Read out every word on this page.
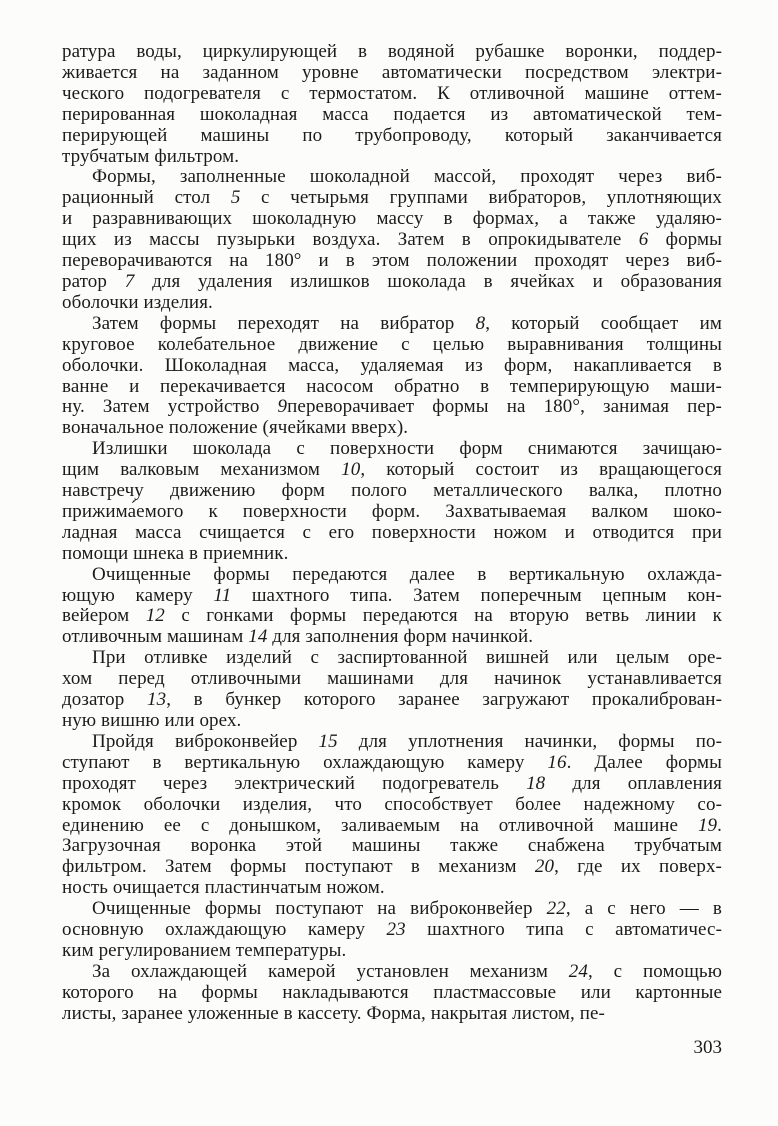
ратура воды, циркулирующей в водяной рубашке воронки, поддер-
живается на заданном уровне автоматически посредством электри-
ческого подогревателя с термостатом. К отливочной машине оттем-
перированная шоколадная масса подается из автоматической тем-
перирующей машины по трубопроводу, который заканчивается
трубчатым фильтром.
Формы, заполненные шоколадной массой, проходят через виб-
рационный стол 5 с четырьмя группами вибраторов, уплотняющих
и разравнивающих шоколадную массу в формах, а также удаляю-
щих из массы пузырьки воздуха. Затем в опрокидывателе 6 формы
переворачиваются на 180° и в этом положении проходят через виб-
ратор 7 для удаления излишков шоколада в ячейках и образования
оболочки изделия.
Затем формы переходят на вибратор 8, который сообщает им
круговое колебательное движение с целью выравнивания толщины
оболочки. Шоколадная масса, удаляемая из форм, накапливается в
ванне и перекачивается насосом обратно в темперирующую маши-
ну. Затем устройство 9переворачивает формы на 180°, занимая пер-
воначальное положение (ячейками вверх).
Излишки шоколада с поверхности форм снимаются зачищаю-
щим валковым механизмом 10, который состоит из вращающегося
навстречу движению форм полого металлического валка, плотно
прижима́емого к поверхности форм. Захватываемая валком шоко-
ладная масса счищается с его поверхности ножом и отводится при
помощи шнека в приемник.
Очищенные формы передаются далее в вертикальную охлажда-
ющую камеру 11 шахтного типа. Затем поперечным цепным кон-
вейером 12 с гонками формы передаются на вторую ветвь линии к
отливочным машинам 14 для заполнения форм начинкой.
При отливке изделий с заспиртованной вишней или целым оре-
хом перед отливочными машинами для начинок устанавливается
дозатор 13, в бункер которого заранее загружают прокалиброван-
ную вишню или орех.
Пройдя виброконвейер 15 для уплотнения начинки, формы по-
ступают в вертикальную охлаждающую камеру 16. Далее формы
проходят через электрический подогреватель 18 для оплавления
кромок оболочки изделия, что способствует более надежному со-
единению ее с донышком, заливаемым на отливочной машине 19.
Загрузочная воронка этой машины также снабжена трубчатым
фильтром. Затем формы поступают в механизм 20, где их поверх-
ность очищается пластинчатым ножом.
Очищенные формы поступают на виброконвейер 22, а с него — в
основную охлаждающую камеру 23 шахтного типа с автоматичес-
ким регулированием температуры.
За охлаждающей камерой установлен механизм 24, с помощью
которого на формы накладываются пластмассовые или картонные
листы, заранее уложенные в кассету. Форма, накрытая листом, пе-
303
